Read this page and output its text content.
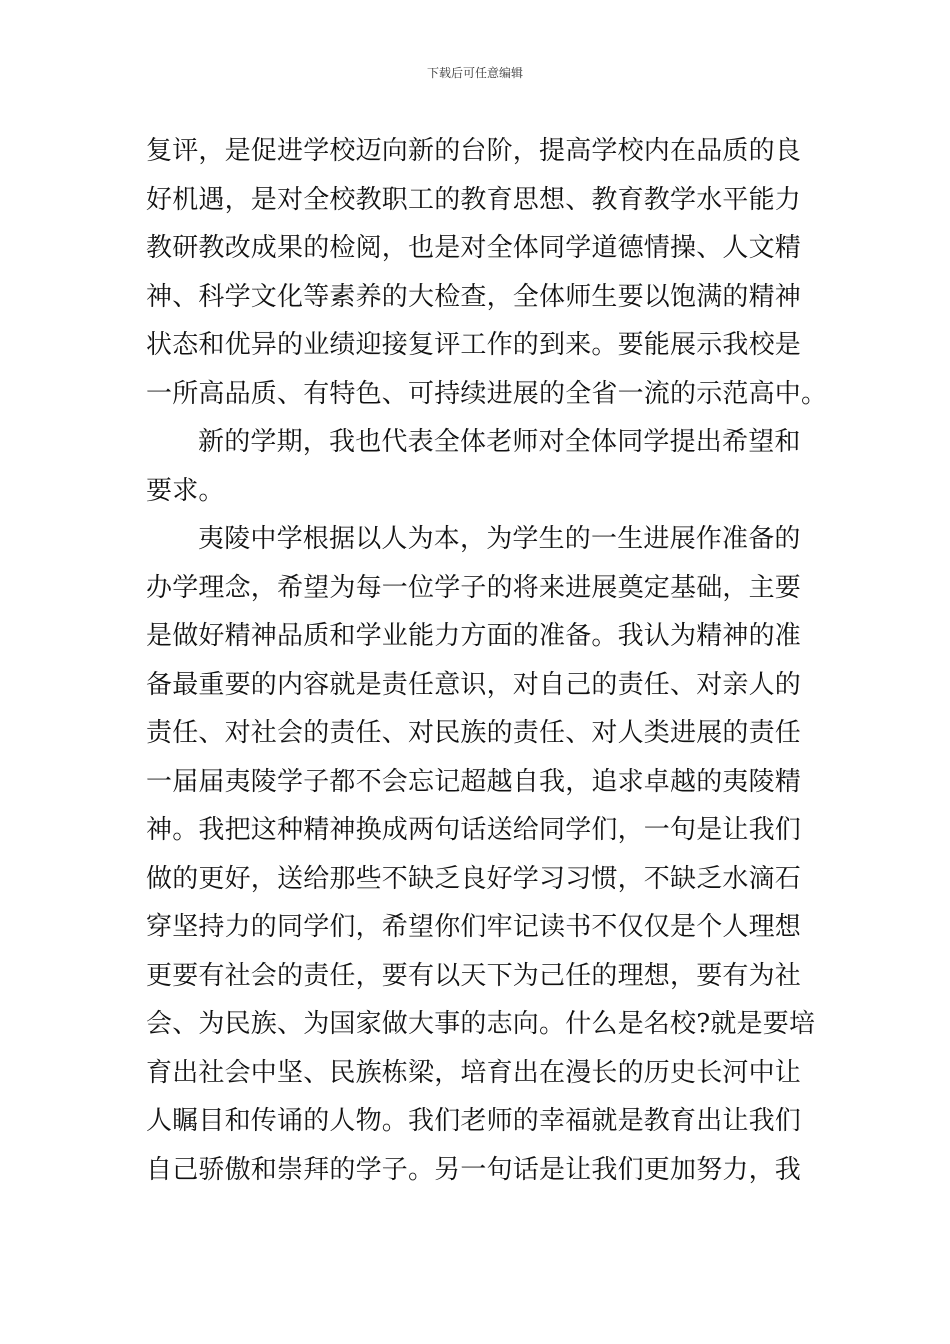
下载后可任意编辑
复评，是促进学校迈向新的台阶，提高学校内在品质的良
好机遇，是对全校教职工的教育思想、教育教学水平能力
教研教改成果的检阅，也是对全体同学道德情操、人文精
神、科学文化等素养的大检查，全体师生要以饱满的精神
状态和优异的业绩迎接复评工作的到来。要能展示我校是
一所高品质、有特色、可持续进展的全省一流的示范高中。
新的学期，我也代表全体老师对全体同学提出希望和
要求。
夷陵中学根据以人为本，为学生的一生进展作准备的
办学理念，希望为每一位学子的将来进展奠定基础，主要
是做好精神品质和学业能力方面的准备。我认为精神的准
备最重要的内容就是责任意识，对自己的责任、对亲人的
责任、对社会的责任、对民族的责任、对人类进展的责任
一届届夷陵学子都不会忘记超越自我，追求卓越的夷陵精
神。我把这种精神换成两句话送给同学们，一句是让我们
做的更好，送给那些不缺乏良好学习习惯，不缺乏水滴石
穿坚持力的同学们，希望你们牢记读书不仅仅是个人理想
更要有社会的责任，要有以天下为己任的理想，要有为社
会、为民族、为国家做大事的志向。什么是名校?就是要培
育出社会中坚、民族栋梁，培育出在漫长的历史长河中让
人瞩目和传诵的人物。我们老师的幸福就是教育出让我们
自己骄傲和崇拜的学子。另一句话是让我们更加努力，我
